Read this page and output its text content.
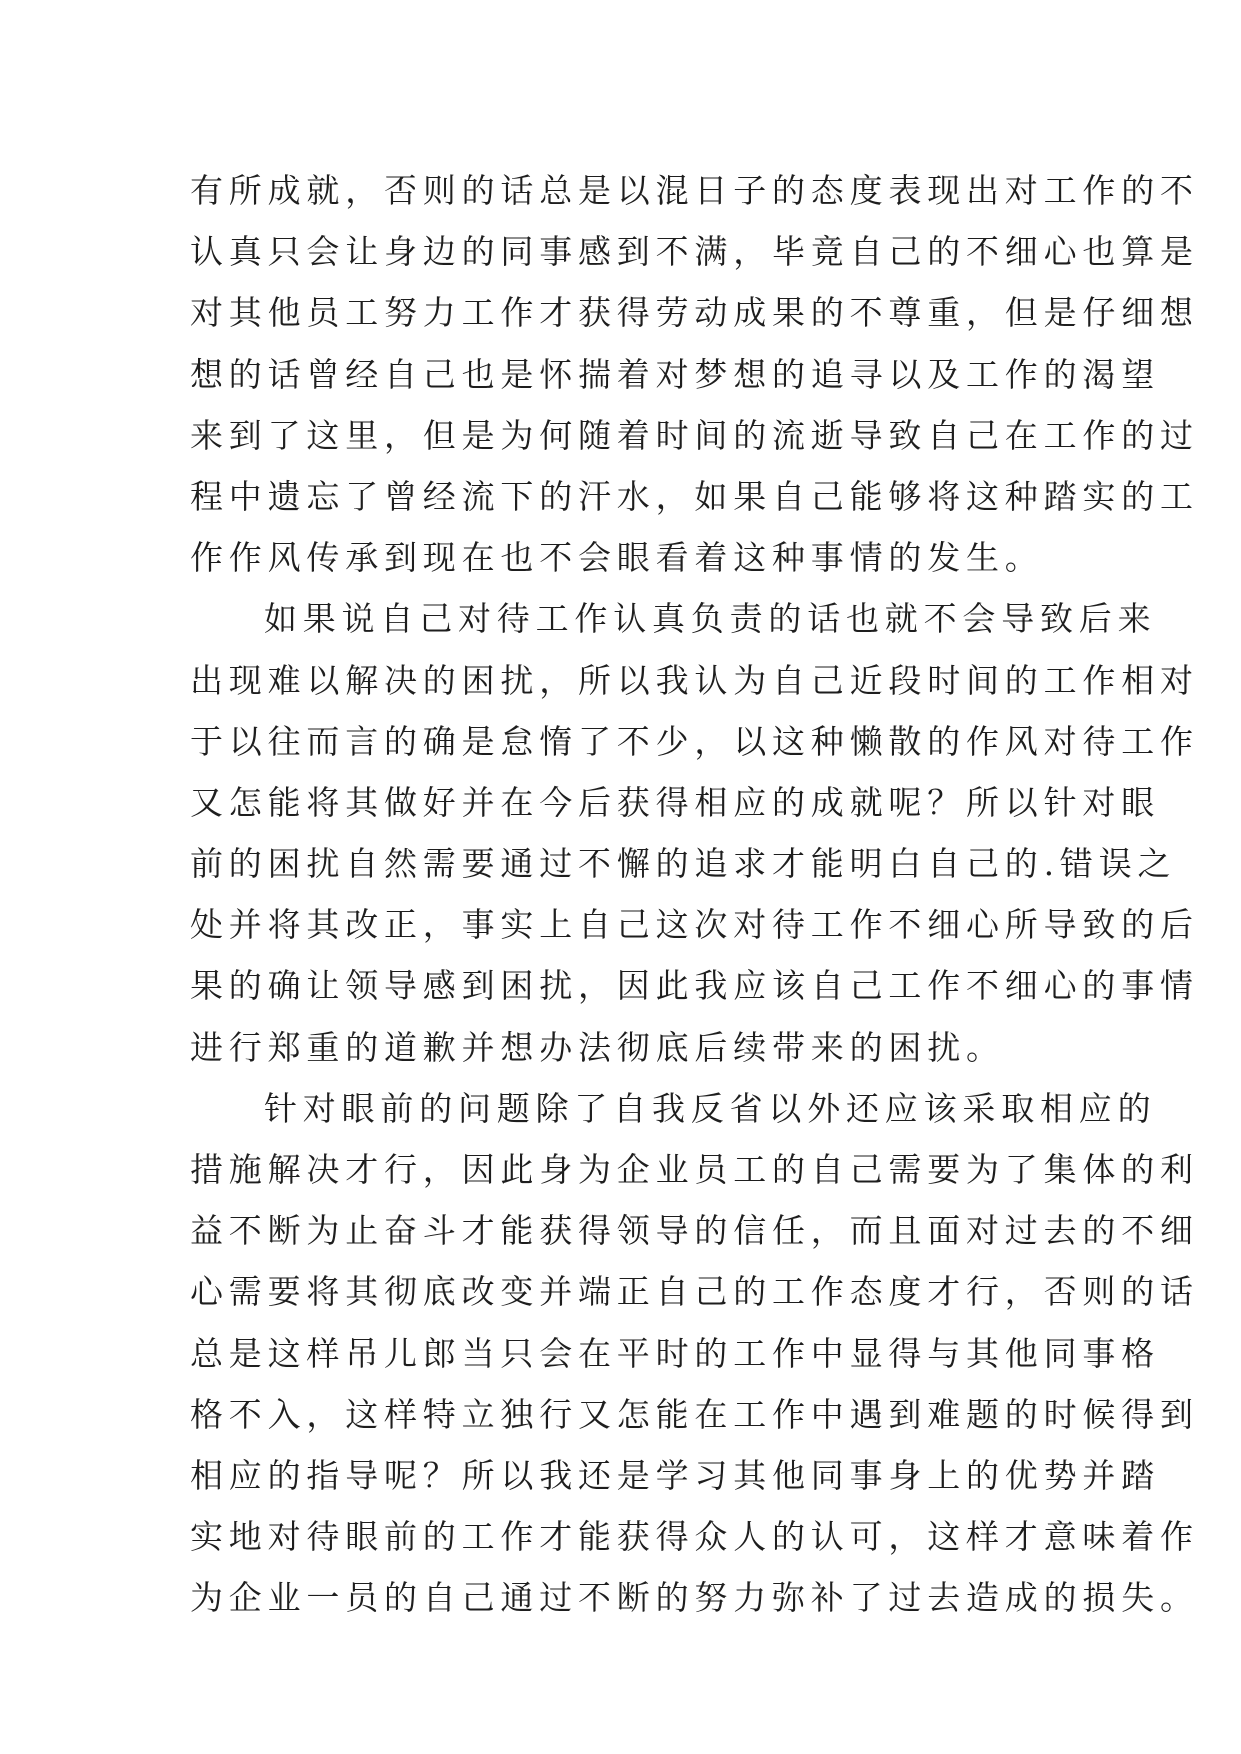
有所成就，否则的话总是以混日子的态度表现出对工作的不
认真只会让身边的同事感到不满，毕竟自己的不细心也算是
对其他员工努力工作才获得劳动成果的不尊重，但是仔细想
想的话曾经自己也是怀揣着对梦想的追寻以及工作的渴望
来到了这里，但是为何随着时间的流逝导致自己在工作的过
程中遗忘了曾经流下的汗水，如果自己能够将这种踏实的工
作作风传承到现在也不会眼看着这种事情的发生。
如果说自己对待工作认真负责的话也就不会导致后来
出现难以解决的困扰，所以我认为自己近段时间的工作相对
于以往而言的确是怠惰了不少，以这种懒散的作风对待工作
又怎能将其做好并在今后获得相应的成就呢？所以针对眼
前的困扰自然需要通过不懈的追求才能明白自己的.错误之
处并将其改正，事实上自己这次对待工作不细心所导致的后
果的确让领导感到困扰，因此我应该自己工作不细心的事情
进行郑重的道歉并想办法彻底后续带来的困扰。
针对眼前的问题除了自我反省以外还应该采取相应的
措施解决才行，因此身为企业员工的自己需要为了集体的利
益不断为止奋斗才能获得领导的信任，而且面对过去的不细
心需要将其彻底改变并端正自己的工作态度才行，否则的话
总是这样吊儿郎当只会在平时的工作中显得与其他同事格
格不入，这样特立独行又怎能在工作中遇到难题的时候得到
相应的指导呢？所以我还是学习其他同事身上的优势并踏
实地对待眼前的工作才能获得众人的认可，这样才意味着作
为企业一员的自己通过不断的努力弥补了过去造成的损失。
